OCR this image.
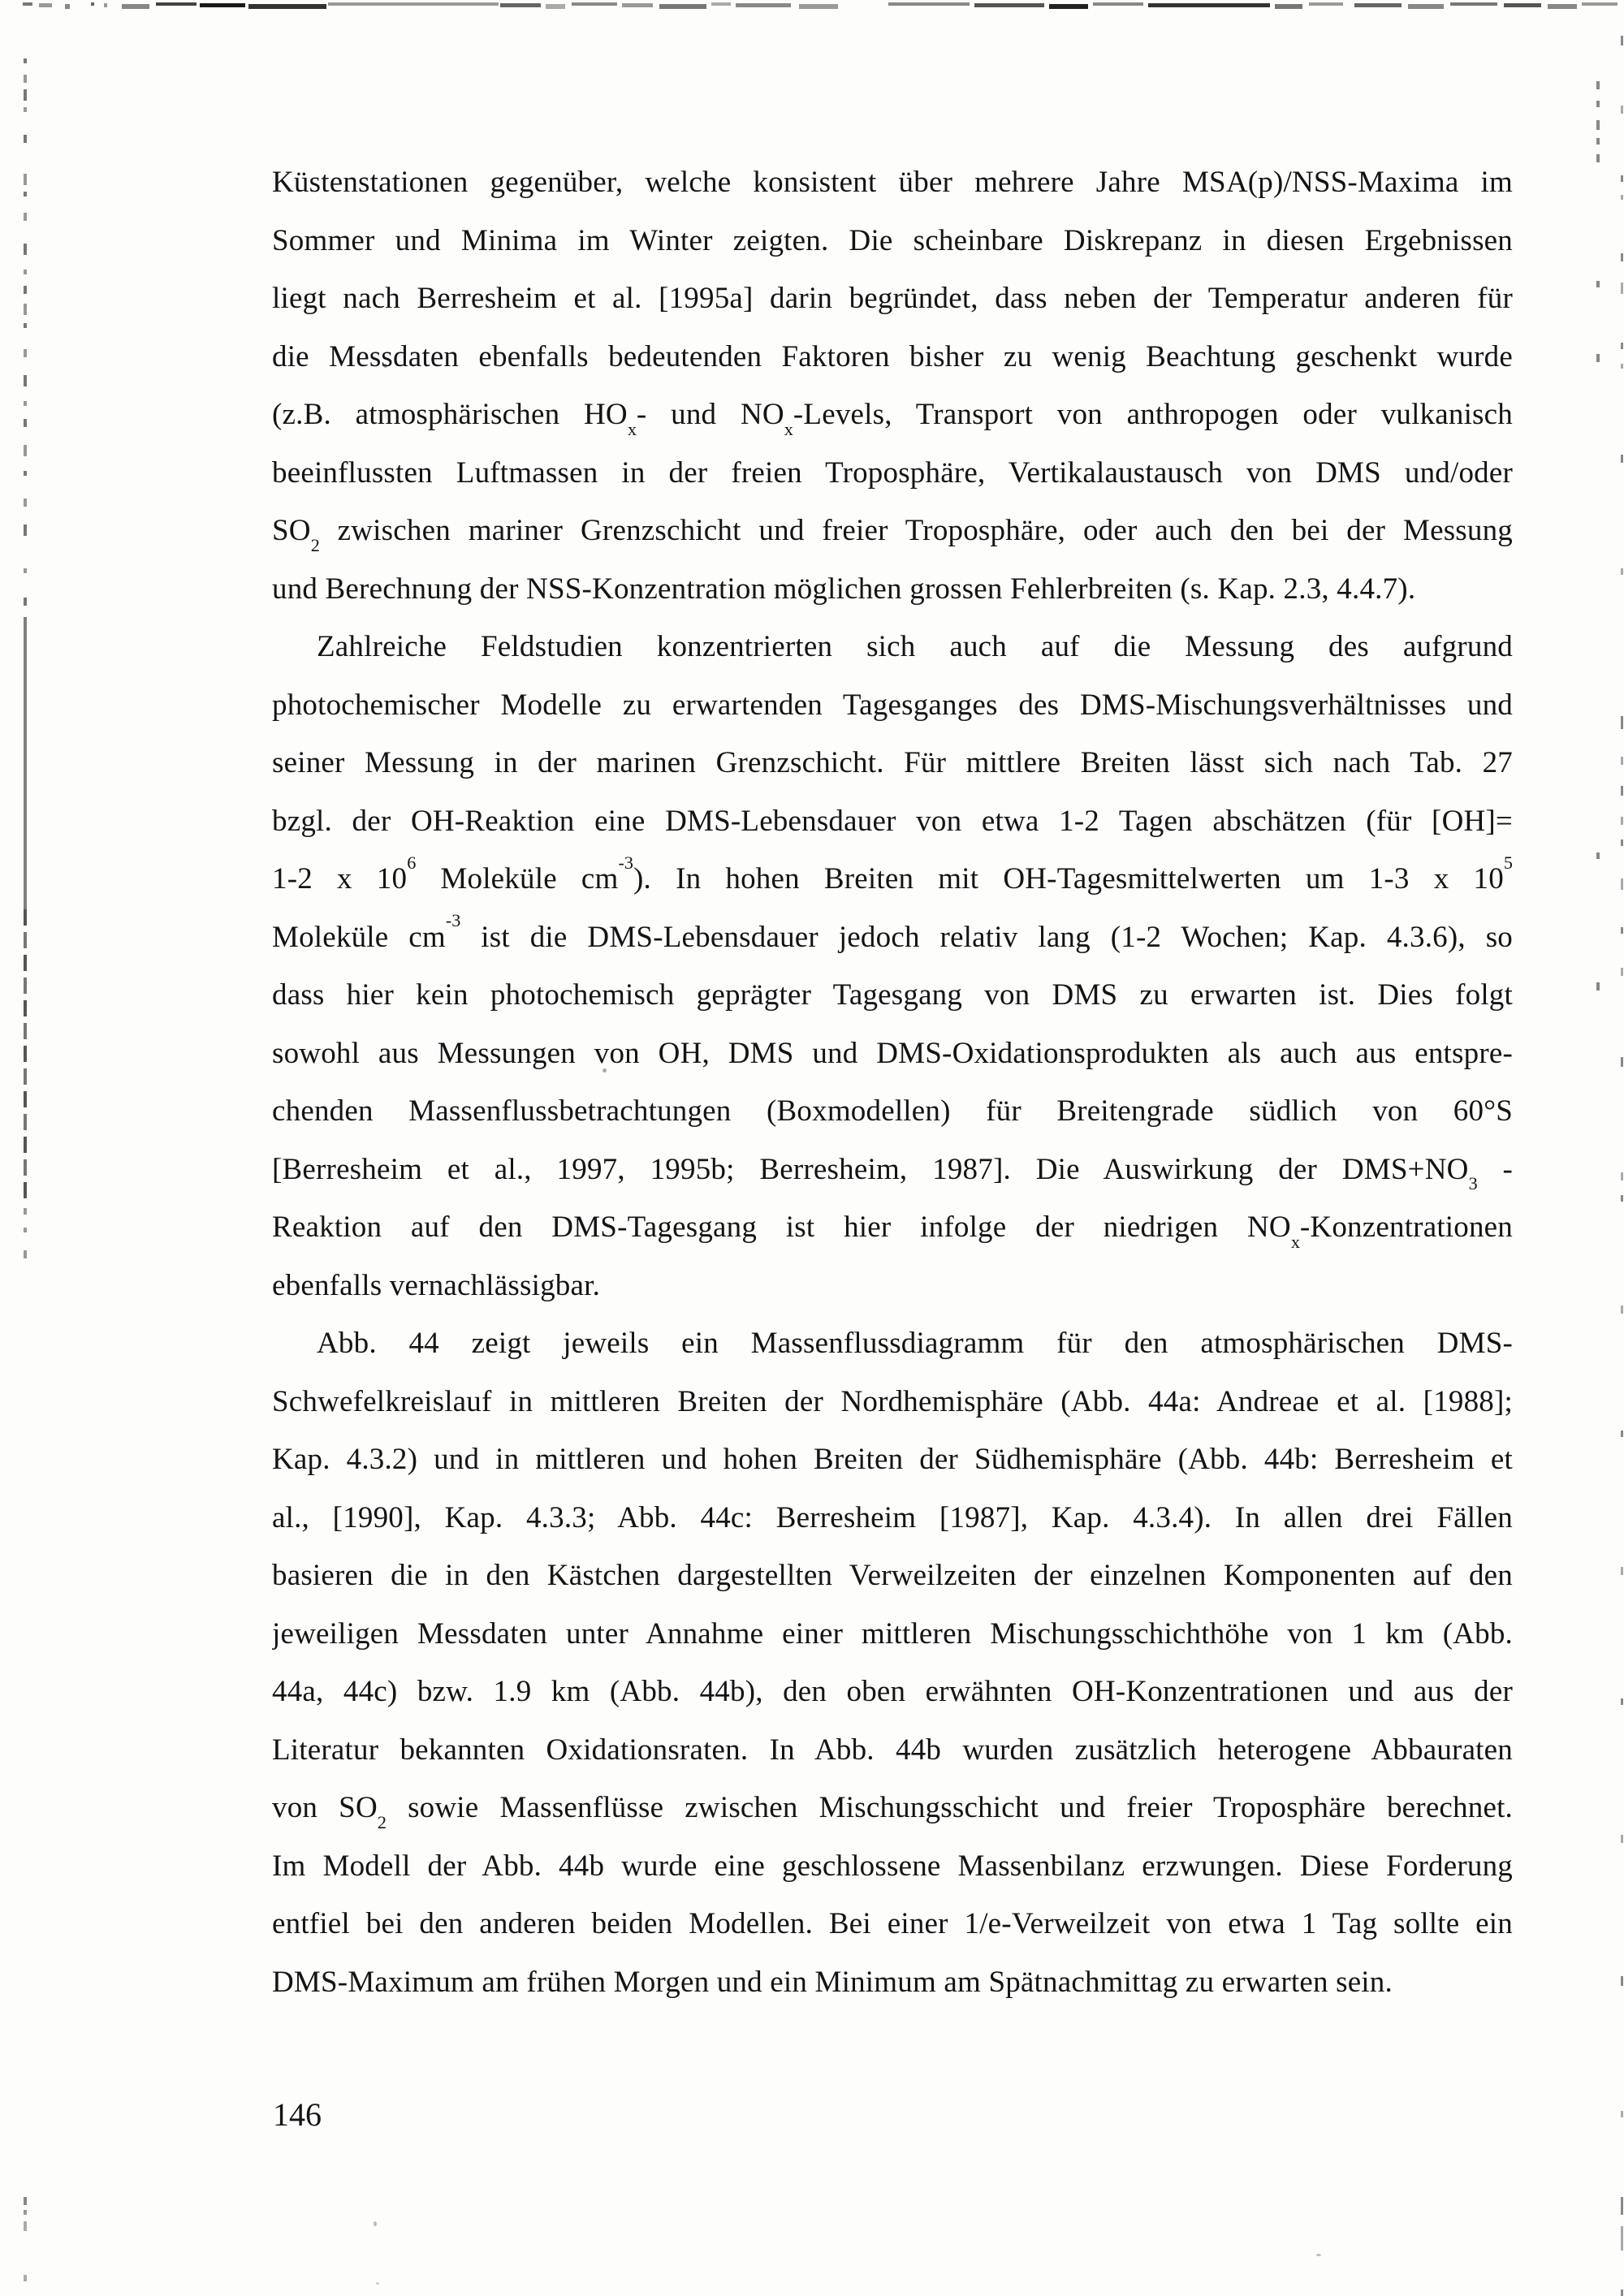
Küstenstationen gegenüber, welche konsistent über mehrere Jahre MSA(p)/NSS-Maxima im
Sommer und Minima im Winter zeigten. Die scheinbare Diskrepanz in diesen Ergebnissen
liegt nach Berresheim et al. [1995a] darin begründet, dass neben der Temperatur anderen für
die Messdaten ebenfalls bedeutenden Faktoren bisher zu wenig Beachtung geschenkt wurde
(z.B. atmosphärischen $HO_x-$ und $NO_x$-Levels, Transport von anthropogen oder vulkanisch
beeinflussten Luftmassen in der freien Troposphäre, Vertikalaustausch von DMS und/oder
$SO_2$ zwischen mariner Grenzschicht und freier Troposphäre, oder auch den bei der Messung
und Berechnung der NSS-Konzentration möglichen grossen Fehlerbreiten (s. Kap. 2.3, 4.4.7).
Zahlreiche Feldstudien konzentrierten sich auch auf die Messung des aufgrund
photochemischer Modelle zu erwartenden Tagesganges des DMS-Mischungsverhältnisses und
seiner Messung in der marinen Grenzschicht. Für mittlere Breiten lässt sich nach Tab. 27
bzgl. der OH-Reaktion eine DMS-Lebensdauer von etwa 1-2 Tagen abschätzen (für [OH]=
1-2 x $10^6$ Moleküle $cm^{-3}$). In hohen Breiten mit OH-Tagesmittelwerten um 1-3 x $10^5$
Moleküle $cm^{-3}$ ist die DMS-Lebensdauer jedoch relativ lang (1-2 Wochen; Kap. 4.3.6), so
dass hier kein photochemisch geprägter Tagesgang von DMS zu erwarten ist. Dies folgt
sowohl aus Messungen von OH, DMS und DMS-Oxidationsprodukten als auch aus entspre-
chenden Massenflussbetrachtungen (Boxmodellen) für Breitengrade südlich von 60°S
[Berresheim et al., 1997, 1995b; Berresheim, 1987]. Die Auswirkung der $DMS+NO_3$ -
Reaktion auf den DMS-Tagesgang ist hier infolge der niedrigen $NO_x$-Konzentrationen
ebenfalls vernachlässigbar.
Abb. 44 zeigt jeweils ein Massenflussdiagramm für den atmosphärischen DMS-
Schwefelkreislauf in mittleren Breiten der Nordhemisphäre (Abb. 44a: Andreae et al. [1988];
Kap. 4.3.2) und in mittleren und hohen Breiten der Südhemisphäre (Abb. 44b: Berresheim et
al., [1990], Kap. 4.3.3; Abb. 44c: Berresheim [1987], Kap. 4.3.4). In allen drei Fällen
basieren die in den Kästchen dargestellten Verweilzeiten der einzelnen Komponenten auf den
jeweiligen Messdaten unter Annahme einer mittleren Mischungsschichthöhe von 1 km (Abb.
44a, 44c) bzw. 1.9 km (Abb. 44b), den oben erwähnten OH-Konzentrationen und aus der
Literatur bekannten Oxidationsraten. In Abb. 44b wurden zusätzlich heterogene Abbauraten
von $SO_2$ sowie Massenflüsse zwischen Mischungsschicht und freier Troposphäre berechnet.
Im Modell der Abb. 44b wurde eine geschlossene Massenbilanz erzwungen. Diese Forderung
entfiel bei den anderen beiden Modellen. Bei einer 1/e-Verweilzeit von etwa 1 Tag sollte ein
DMS-Maximum am frühen Morgen und ein Minimum am Spätnachmittag zu erwarten sein.
146
